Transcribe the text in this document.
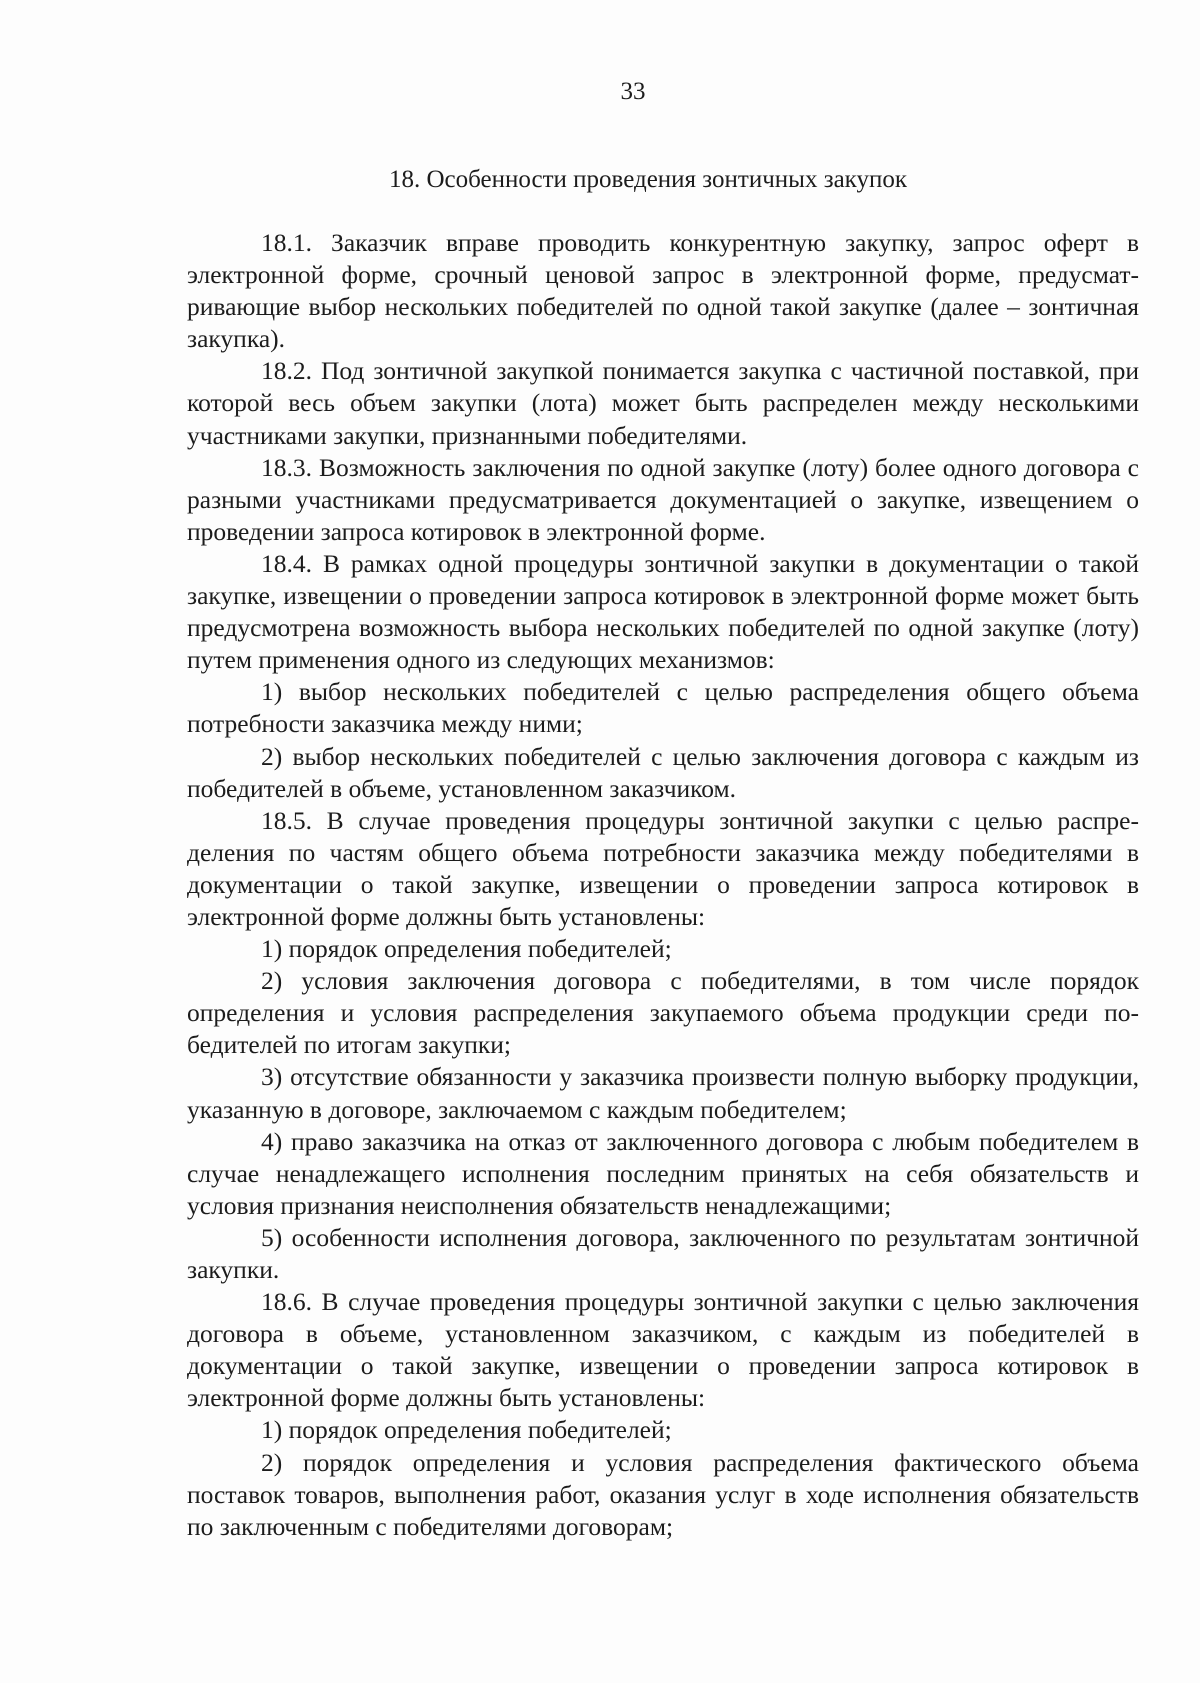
33
18. Особенности проведения зонтичных закупок

18.1. Заказчик вправе проводить конкурентную закупку, запрос оферт в электронной форме, срочный ценовой запрос в электронной форме, предусматривающие выбор нескольких победителей по одной такой закупке (далее – зонтичная закупка).

18.2. Под зонтичной закупкой понимается закупка с частичной поставкой, при которой весь объем закупки (лота) может быть распределен между несколькими участниками закупки, признанными победителями.

18.3. Возможность заключения по одной закупке (лоту) более одного договора с разными участниками предусматривается документацией о закупке, извещением о проведении запроса котировок в электронной форме.

18.4. В рамках одной процедуры зонтичной закупки в документации о такой закупке, извещении о проведении запроса котировок в электронной форме может быть предусмотрена возможность выбора нескольких победителей по одной закупке (лоту) путем применения одного из следующих механизмов:

1) выбор нескольких победителей с целью распределения общего объема потребности заказчика между ними;

2) выбор нескольких победителей с целью заключения договора с каждым из победителей в объеме, установленном заказчиком.

18.5. В случае проведения процедуры зонтичной закупки с целью распределения по частям общего объема потребности заказчика между победителями в документации о такой закупке, извещении о проведении запроса котировок в электронной форме должны быть установлены:

1) порядок определения победителей;

2) условия заключения договора с победителями, в том числе порядок определения и условия распределения закупаемого объема продукции среди победителей по итогам закупки;

3) отсутствие обязанности у заказчика произвести полную выборку продукции, указанную в договоре, заключаемом с каждым победителем;

4) право заказчика на отказ от заключенного договора с любым победителем в случае ненадлежащего исполнения последним принятых на себя обязательств и условия признания неисполнения обязательств ненадлежащими;

5) особенности исполнения договора, заключенного по результатам зонтичной закупки.

18.6. В случае проведения процедуры зонтичной закупки с целью заключения договора в объеме, установленном заказчиком, с каждым из победителей в документации о такой закупке, извещении о проведении запроса котировок в электронной форме должны быть установлены:

1) порядок определения победителей;

2) порядок определения и условия распределения фактического объема поставок товаров, выполнения работ, оказания услуг в ходе исполнения обязательств по заключенным с победителями договорам;
